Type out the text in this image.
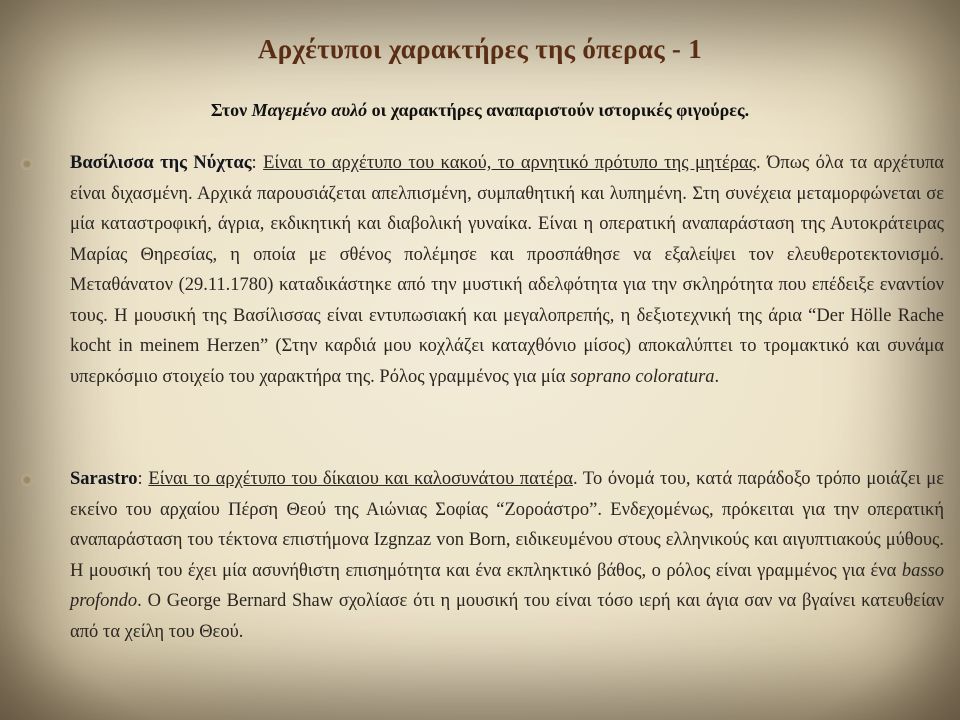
Αρχέτυποι χαρακτήρες της όπερας - 1
Στον Μαγεμένο αυλό οι χαρακτήρες αναπαριστούν ιστορικές φιγούρες.
Βασίλισσα της Νύχτας: Είναι το αρχέτυπο του κακού, το αρνητικό πρότυπο της μητέρας. Όπως όλα τα αρχέτυπα είναι διχασμένη. Αρχικά παρουσιάζεται απελπισμένη, συμπαθητική και λυπημένη. Στη συνέχεια μεταμορφώνεται σε μία καταστροφική, άγρια, εκδικητική και διαβολική γυναίκα. Είναι η οπερατική αναπαράσταση της Αυτοκράτειρας Μαρίας Θηρεσίας, η οποία με σθένος πολέμησε και προσπάθησε να εξαλείψει τον ελευθεροτεκτονισμό. Μεταθάνατον (29.11.1780) καταδικάστηκε από την μυστική αδελφότητα για την σκληρότητα που επέδειξε εναντίον τους. Η μουσική της Βασίλισσας είναι εντυπωσιακή και μεγαλοπρεπής, η δεξιοτεχνική της άρια “Der Hölle Rache kocht in meinem Herzen” (Στην καρδιά μου κοχλάζει καταχθόνιο μίσος) αποκαλύπτει το τρομακτικό και συνάμα υπερκόσμιο στοιχείο του χαρακτήρα της. Ρόλος γραμμένος για μία soprano coloratura.
Sarastro: Είναι το αρχέτυπο του δίκαιου και καλοσυνάτου πατέρα. Το όνομά του, κατά παράδοξο τρόπο μοιάζει με εκείνο του αρχαίου Πέρση Θεού της Αιώνιας Σοφίας “Ζοροάστρο”. Ενδεχομένως, πρόκειται για την οπερατική αναπαράσταση του τέκτονα επιστήμονα Izgnzaz von Born, ειδικευμένου στους ελληνικούς και αιγυπτιακούς μύθους. Η μουσική του έχει μία ασυνήθιστη επισημότητα και ένα εκπληκτικό βάθος, ο ρόλος είναι γραμμένος για ένα basso profondo. Ο George Bernard Shaw σχολίασε ότι η μουσική του είναι τόσο ιερή και άγια σαν να βγαίνει κατευθείαν από τα χείλη του Θεού.
